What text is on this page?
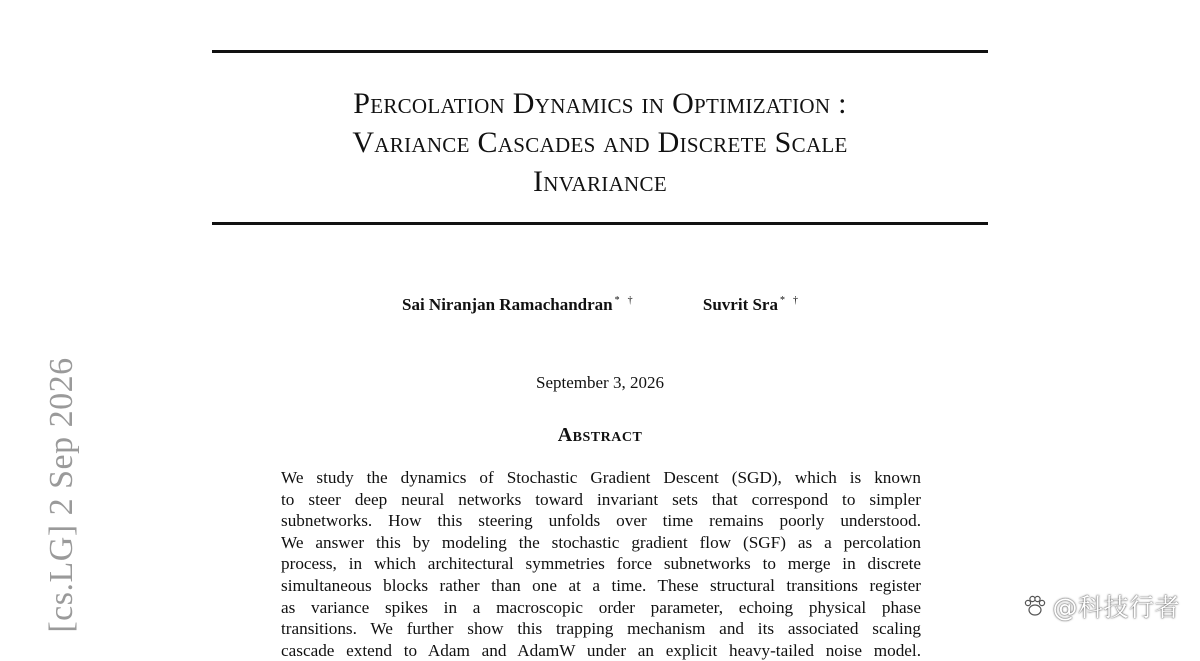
Percolation Dynamics in Optimization :
Variance Cascades and Discrete Scale
Invariance
Sai Niranjan Ramachandran * †	Suvrit Sra * †
September 3, 2026
Abstract

We study the dynamics of Stochastic Gradient Descent (SGD), which is known
to steer deep neural networks toward invariant sets that correspond to simpler
subnetworks. How this steering unfolds over time remains poorly understood.
We answer this by modeling the stochastic gradient flow (SGF) as a percolation
process, in which architectural symmetries force subnetworks to merge in discrete
simultaneous blocks rather than one at a time. These structural transitions register
as variance spikes in a macroscopic order parameter, echoing physical phase
transitions. We further show this trapping mechanism and its associated scaling
cascade extend to Adam and AdamW under an explicit heavy-tailed noise model.

[cs.LG] 2 Sep 2026	@科技行者
